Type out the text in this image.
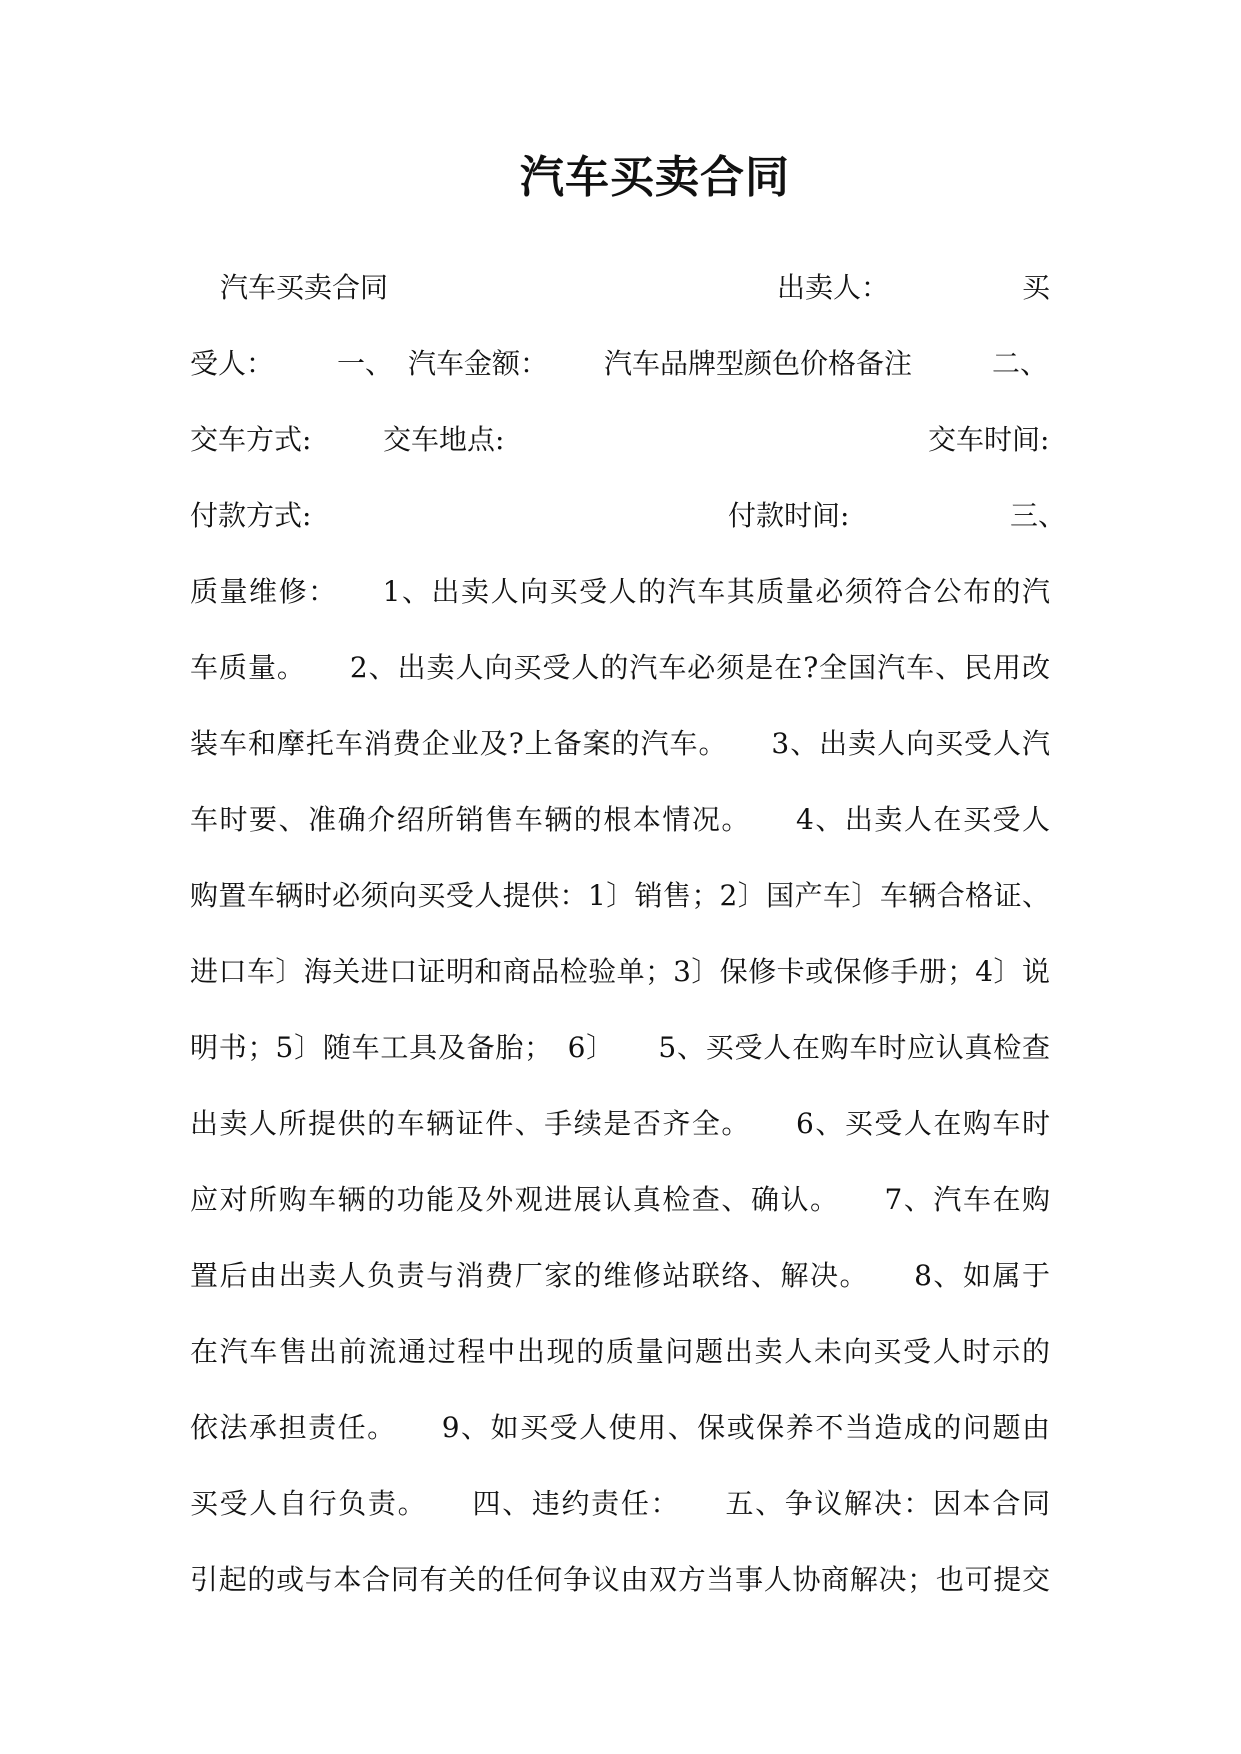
汽车买卖合同
汽车买卖合同	出卖人：	买
受人： 一、 汽车金额： 汽车品牌型颜色价格备注	二、
交车方式:	交车地点:	交车时间:
付款方式:	付款时间:	三、
质量维修：　　1、出卖人向买受人的汽车其质量必须符合公布的汽
车质量。　　2、出卖人向买受人的汽车必须是在?全国汽车、民用改
装车和摩托车消费企业及?上备案的汽车。　　3、出卖人向买受人汽
车时要、准确介绍所销售车辆的根本情况。　　4、出卖人在买受人
购置车辆时必须向买受人提供：1〕销售；2〕国产车〕车辆合格证、
进口车〕海关进口证明和商品检验单；3〕保修卡或保修手册；4〕说
明书；5〕随车工具及备胎；　6〕　　5、买受人在购车时应认真检查
出卖人所提供的车辆证件、手续是否齐全。　　6、买受人在购车时
应对所购车辆的功能及外观进展认真检查、确认。　　7、汽车在购
置后由出卖人负责与消费厂家的维修站联络、解决。　　8、如属于
在汽车售出前流通过程中出现的质量问题出卖人未向买受人时示的
依法承担责任。　　9、如买受人使用、保或保养不当造成的问题由
买受人自行负责。　　四、违约责任：　　五、争议解决：因本合同
引起的或与本合同有关的任何争议由双方当事人协商解决；也可提交
